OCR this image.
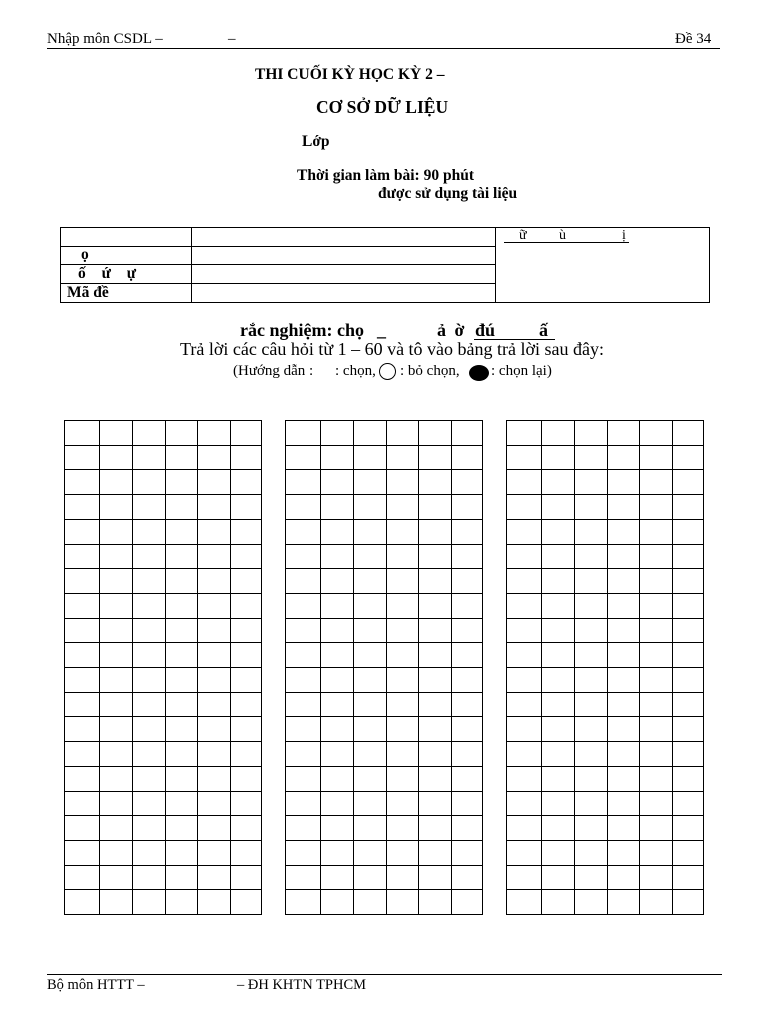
Nhập môn CSDL –	–	Đề 34
THI CUỐI KỲ HỌC KỲ 2 –
CƠ SỞ DỮ LIỆU
Lớp
Thời gian làm bài: 90 phút
được sử dụng tài liệu

		ữ ù ị

ọ		
ố ứ ự		
Mã đề		
rắc nghiệm: chọ _	ả ờ đú ấ
Trả lời các câu hỏi từ 1 – 60 và tô vào bảng trả lời sau đây:
(Hướng dẫn : : chọn, : bỏ chọn, : chọn lại)
Bộ môn HTTT –	– ĐH KHTN TPHCM
